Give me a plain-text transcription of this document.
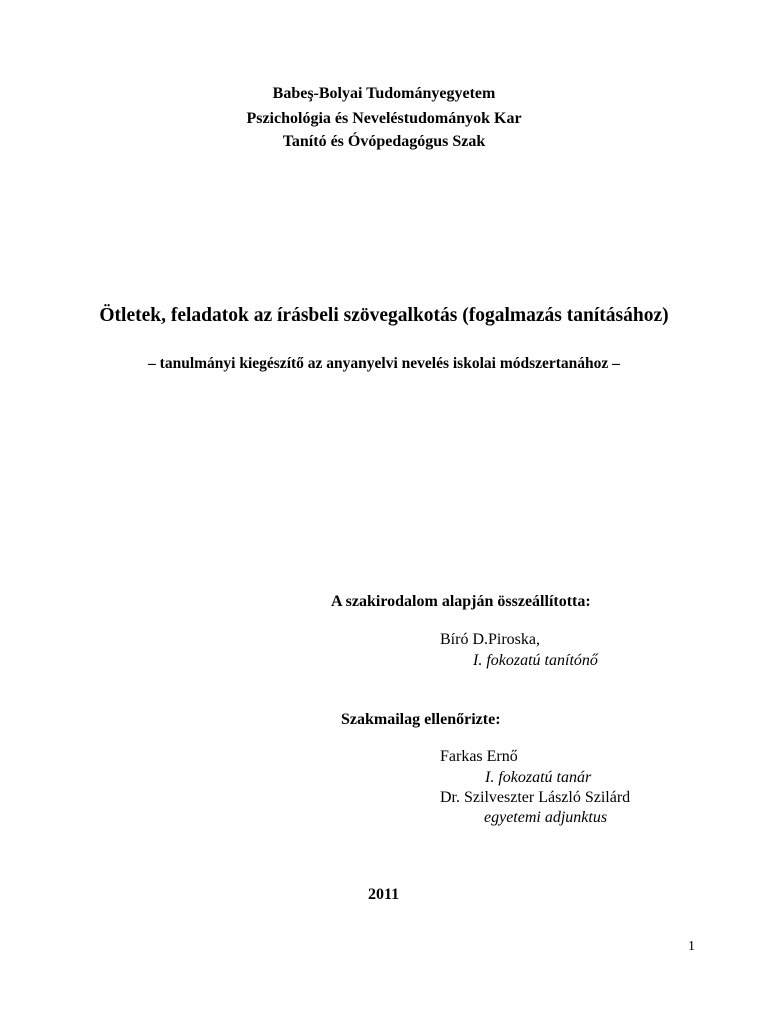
Babeş-Bolyai Tudományegyetem
Pszichológia és Neveléstudományok Kar
Tanító és Óvópedagógus Szak
Ötletek, feladatok az írásbeli szövegalkotás (fogalmazás tanításához)
– tanulmányi kiegészítő az anyanyelvi nevelés iskolai módszertanához –
A szakirodalom alapján összeállította:
Bíró D.Piroska,
I. fokozatú tanítónő
Szakmailag ellenőrizte:
Farkas Ernő
I. fokozatú tanár
Dr. Szilveszter László Szilárd
egyetemi adjunktus
2011
1
